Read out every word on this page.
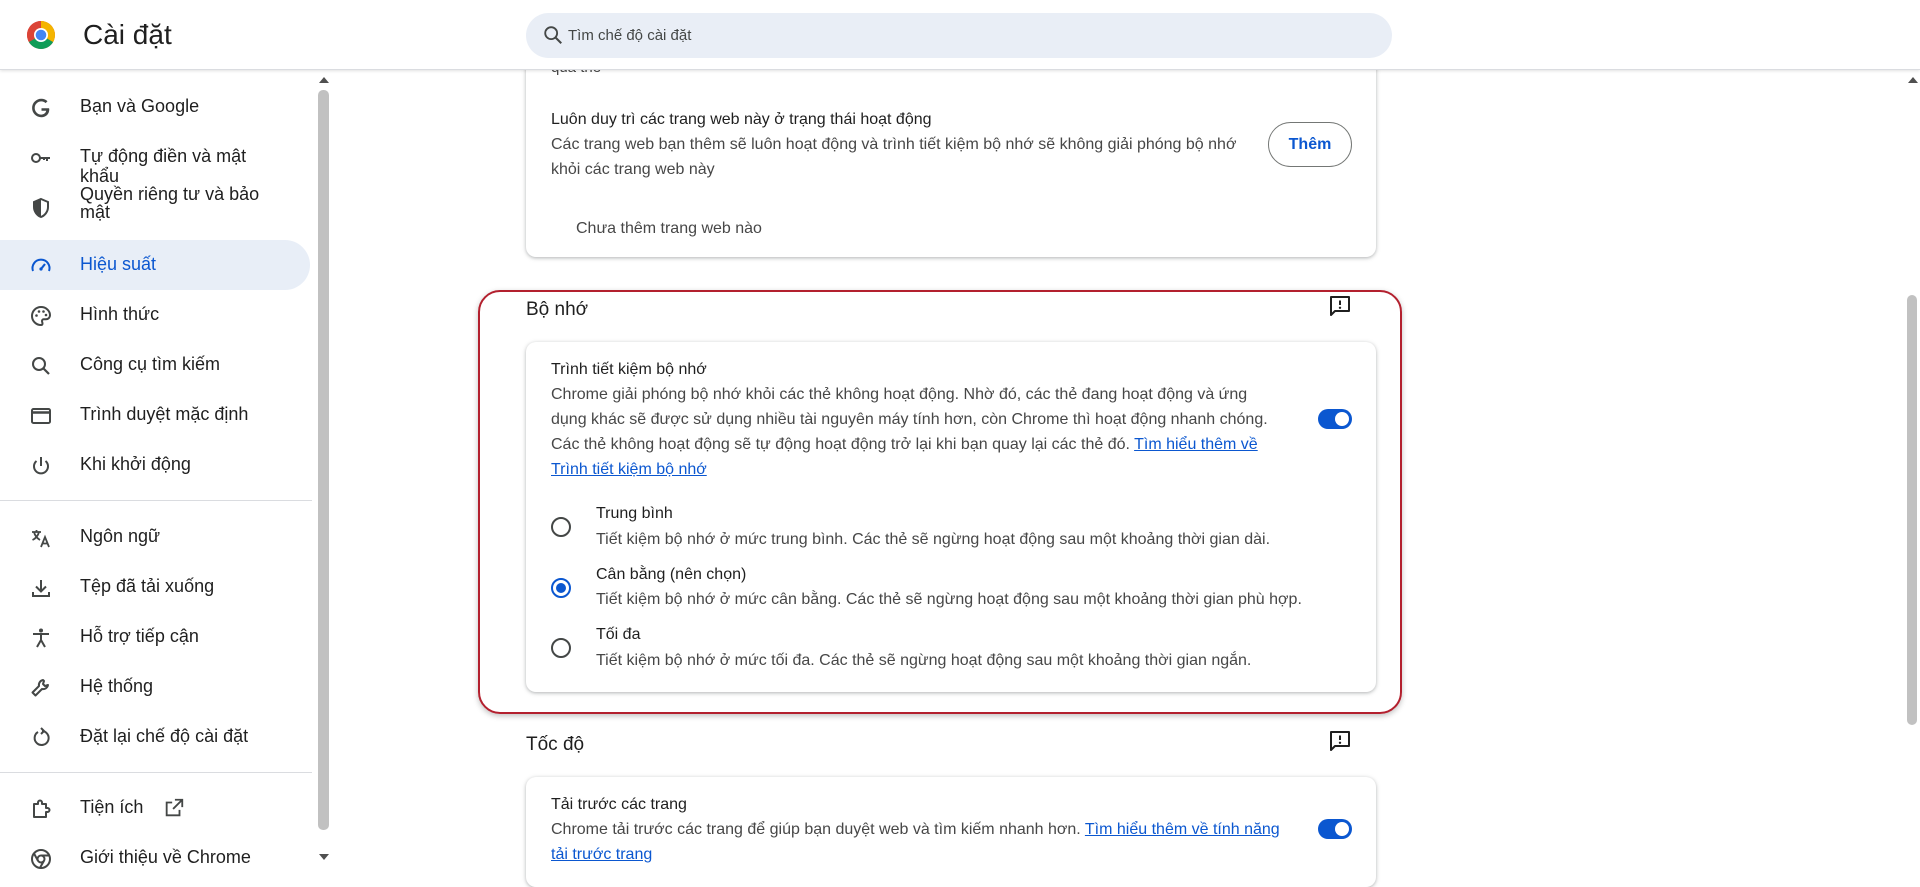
Cài đặt
Tìm chế độ cài đặt
Bạn và Google
Tự động điền và mật khẩu
Quyền riêng tư và bảo mật
Hiệu suất
Hình thức
Công cụ tìm kiếm
Trình duyệt mặc định
Khi khởi động
Ngôn ngữ
Tệp đã tải xuống
Hỗ trợ tiếp cận
Hệ thống
Đặt lại chế độ cài đặt
Tiện ích
Giới thiệu về Chrome
Luôn duy trì các trang web này ở trạng thái hoạt động
Các trang web bạn thêm sẽ luôn hoạt động và trình tiết kiệm bộ nhớ sẽ không giải phóng bộ nhớ
khỏi các trang web này
Thêm
Chưa thêm trang web nào
Bộ nhớ
Trình tiết kiệm bộ nhớ
Chrome giải phóng bộ nhớ khỏi các thẻ không hoạt động. Nhờ đó, các thẻ đang hoạt động và ứng
dụng khác sẽ được sử dụng nhiều tài nguyên máy tính hơn, còn Chrome thì hoạt động nhanh chóng.
Các thẻ không hoạt động sẽ tự động hoạt động trở lại khi bạn quay lại các thẻ đó. Tìm hiểu thêm về
Trình tiết kiệm bộ nhớ
Trung bình
Tiết kiệm bộ nhớ ở mức trung bình. Các thẻ sẽ ngừng hoạt động sau một khoảng thời gian dài.
Cân bằng (nên chọn)
Tiết kiệm bộ nhớ ở mức cân bằng. Các thẻ sẽ ngừng hoạt động sau một khoảng thời gian phù hợp.
Tối đa
Tiết kiệm bộ nhớ ở mức tối đa. Các thẻ sẽ ngừng hoạt động sau một khoảng thời gian ngắn.
Tốc độ
Tải trước các trang
Chrome tải trước các trang để giúp bạn duyệt web và tìm kiếm nhanh hơn. Tìm hiểu thêm về tính năng
tải trước trang
